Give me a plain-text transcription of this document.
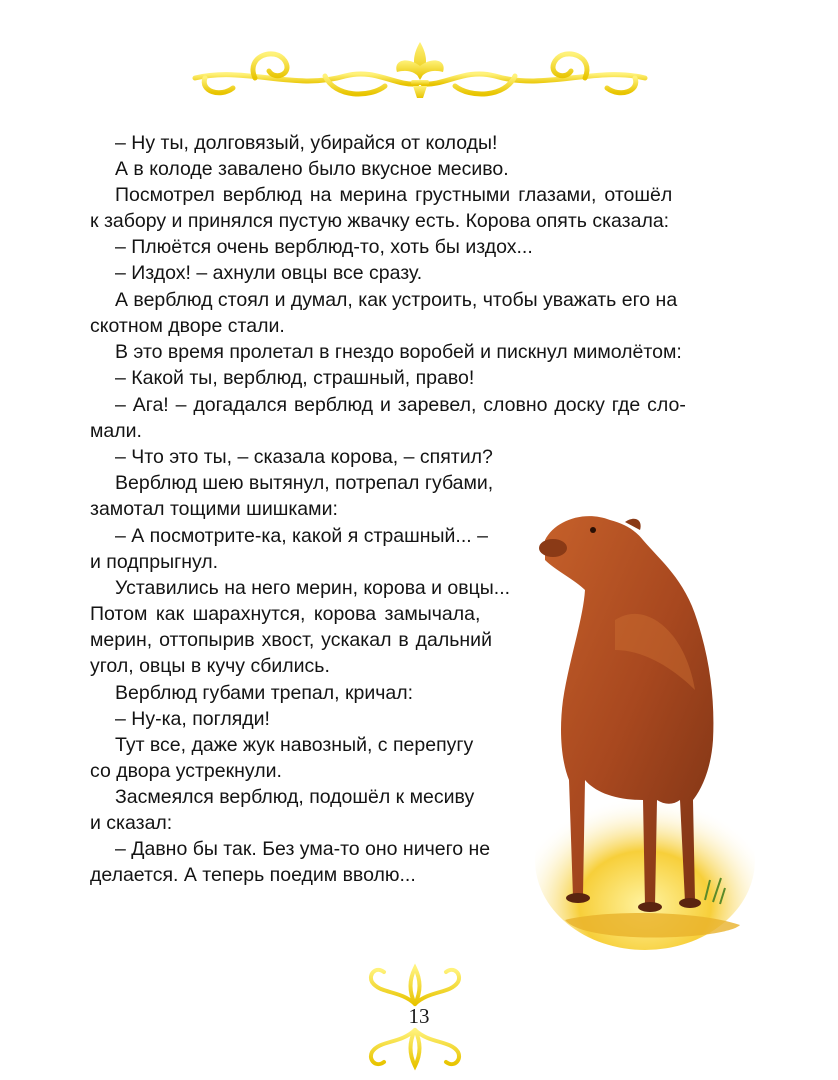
– Ну ты, долговязый, убирайся от колоды!
А в колоде завалено было вкусное месиво.
Посмотрел верблюд на мерина грустными глазами, отошёл
к забору и принялся пустую жвачку есть. Корова опять сказала:
– Плюётся очень верблюд-то, хоть бы издох...
– Издох! – ахнули овцы все сразу.
А верблюд стоял и думал, как устроить, чтобы уважать его на
скотном дворе стали.
В это время пролетал в гнездо воробей и пискнул мимолётом:
– Какой ты, верблюд, страшный, право!
– Ага! – догадался верблюд и заревел, словно доску где сло-
мали.
– Что это ты, – сказала корова, – спятил?
Верблюд шею вытянул, потрепал губами,
замотал тощими шишками:
– А посмотрите-ка, какой я страшный... –
и подпрыгнул.
Уставились на него мерин, корова и овцы...
Потом как шарахнутся, корова замычала,
мерин, оттопырив хвост, ускакал в дальний
угол, овцы в кучу сбились.
Верблюд губами трепал, кричал:
– Ну-ка, погляди!
Тут все, даже жук навозный, с перепугу
со двора устрекнули.
Засмеялся верблюд, подошёл к месиву
и сказал:
– Давно бы так. Без ума-то оно ничего не
делается. А теперь поедим вволю...
13
